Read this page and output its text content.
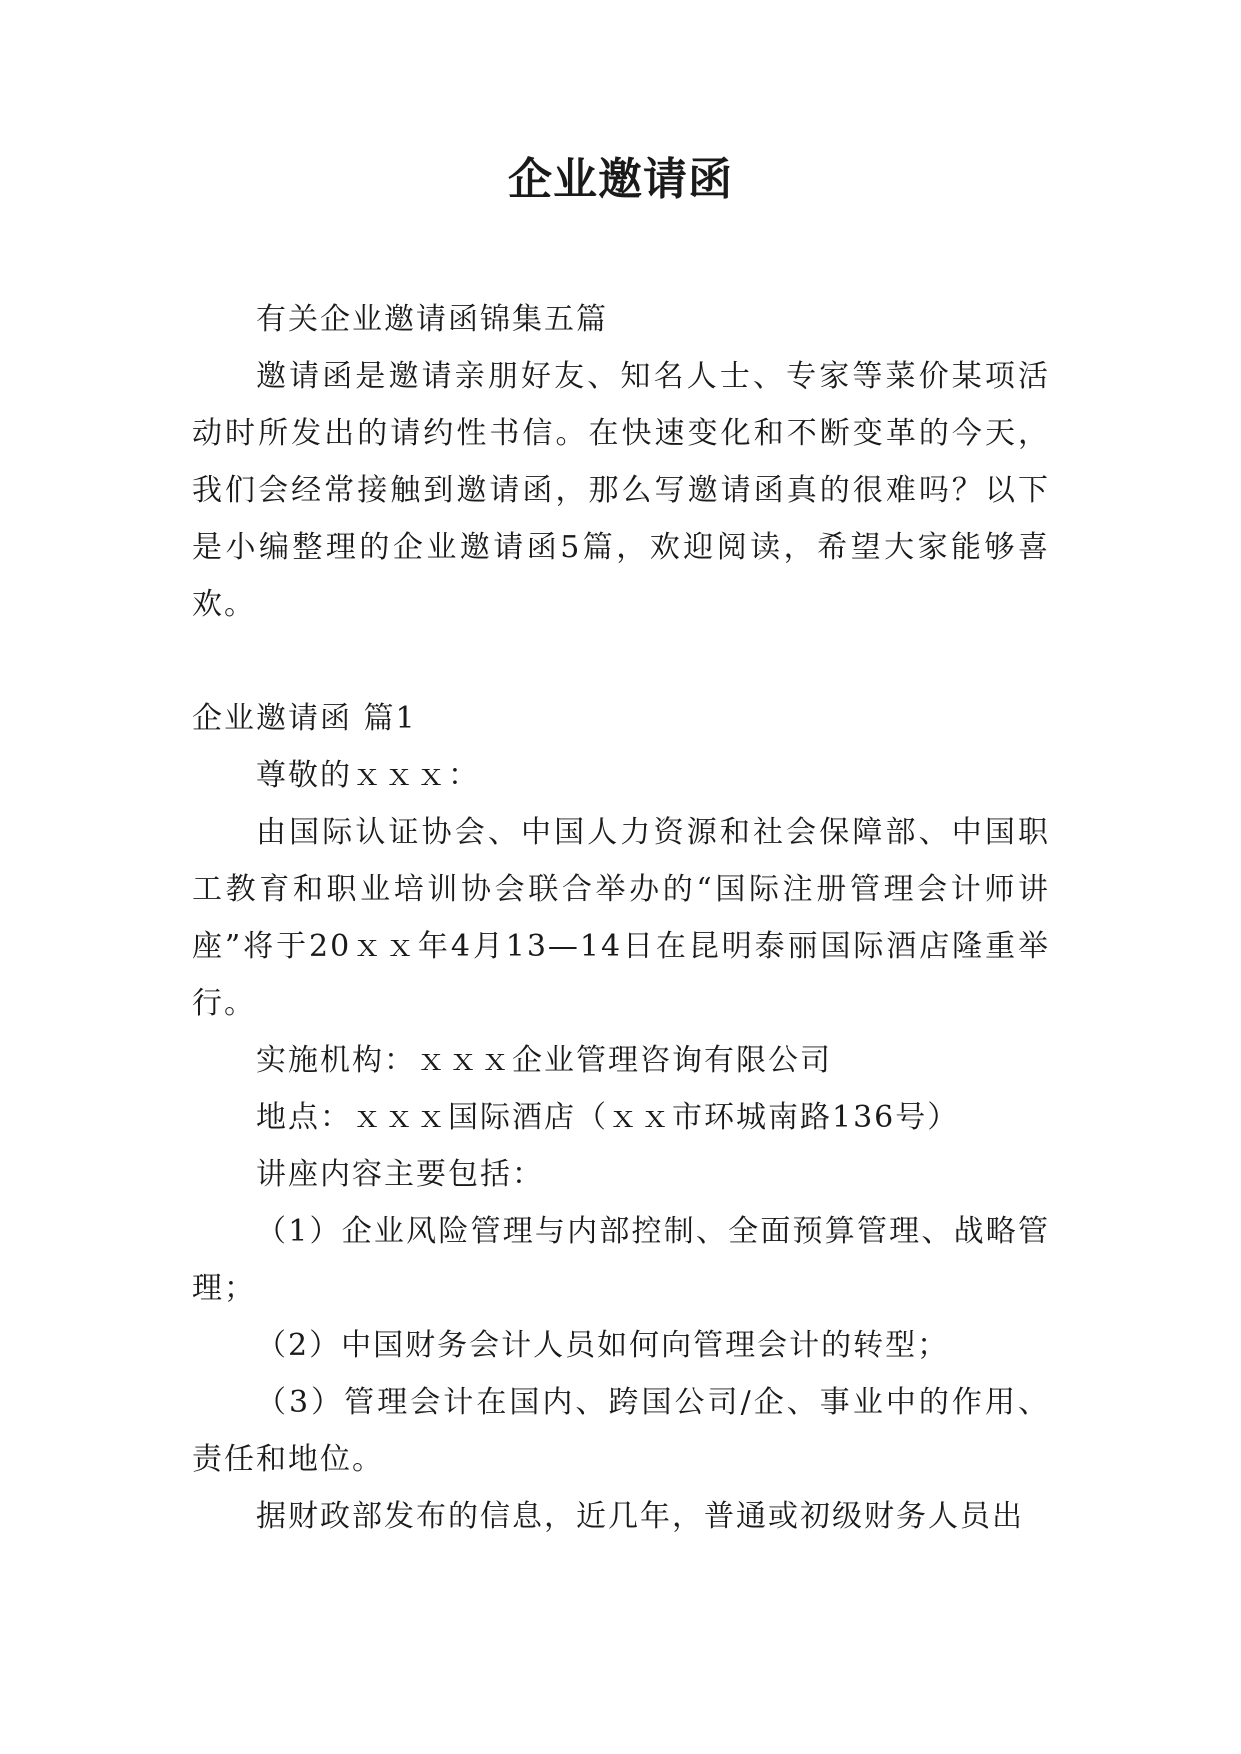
企业邀请函

有关企业邀请函锦集五篇

邀请函是邀请亲朋好友、知名人士、专家等菜价某项活动时所发出的请约性书信。在快速变化和不断变革的今天，我们会经常接触到邀请函，那么写邀请函真的很难吗？以下是小编整理的企业邀请函5篇，欢迎阅读，希望大家能够喜欢。

企业邀请函 篇1

尊敬的ｘｘｘ：

由国际认证协会、中国人力资源和社会保障部、中国职工教育和职业培训协会联合举办的“国际注册管理会计师讲座”将于20ｘｘ年4月13—14日在昆明泰丽国际酒店隆重举行。

实施机构：ｘｘｘ企业管理咨询有限公司

地点：ｘｘｘ国际酒店（ｘｘ市环城南路136号）

讲座内容主要包括：

（1）企业风险管理与内部控制、全面预算管理、战略管理；

（2）中国财务会计人员如何向管理会计的转型；

（3）管理会计在国内、跨国公司/企、事业中的作用、责任和地位。

据财政部发布的信息，近几年，普通或初级财务人员出
